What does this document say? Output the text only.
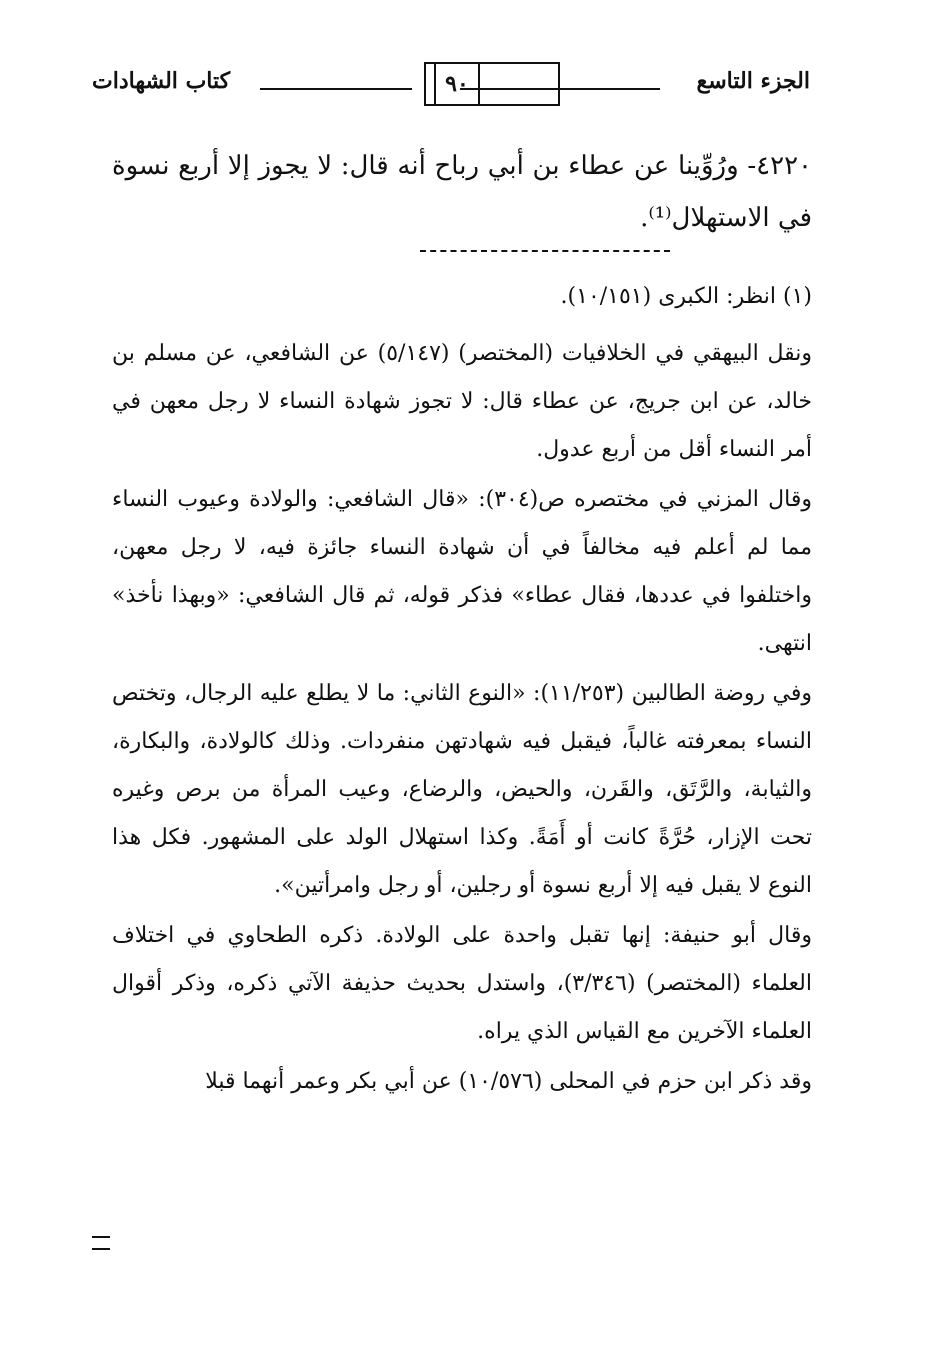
الجزء التاسع
٩٠
كتاب الشهادات

٤٢٢٠- ورُوِّينا عن عطاء بن أبي رباح أنه قال: لا يجوز إلا أربع نسوة في الاستهلال⁽¹⁾.

(١) انظر: الكبرى (١٠/١٥١).

ونقل البيهقي في الخلافيات (المختصر) (٥/١٤٧) عن الشافعي، عن مسلم بن خالد، عن ابن جريج، عن عطاء قال: لا تجوز شهادة النساء لا رجل معهن في أمر النساء أقل من أربع عدول.

وقال المزني في مختصره ص(٣٠٤): «قال الشافعي: والولادة وعيوب النساء مما لم أعلم فيه مخالفاً في أن شهادة النساء جائزة فيه، لا رجل معهن، واختلفوا في عددها، فقال عطاء» فذكر قوله، ثم قال الشافعي: «وبهذا نأخذ» انتهى.

وفي روضة الطالبين (١١/٢٥٣): «النوع الثاني: ما لا يطلع عليه الرجال، وتختص النساء بمعرفته غالباً، فيقبل فيه شهادتهن منفردات. وذلك كالولادة، والبكارة، والثيابة، والرَّتَق، والقَرن، والحيض، والرضاع، وعيب المرأة من برص وغيره تحت الإزار، حُرَّةً كانت أو أَمَةً. وكذا استهلال الولد على المشهور. فكل هذا النوع لا يقبل فيه إلا أربع نسوة أو رجلين، أو رجل وامرأتين».

وقال أبو حنيفة: إنها تقبل واحدة على الولادة. ذكره الطحاوي في اختلاف العلماء (المختصر) (٣/٣٤٦)، واستدل بحديث حذيفة الآتي ذكره، وذكر أقوال العلماء الآخرين مع القياس الذي يراه.

وقد ذكر ابن حزم في المحلى (١٠/٥٧٦) عن أبي بكر وعمر أنهما قبلا
